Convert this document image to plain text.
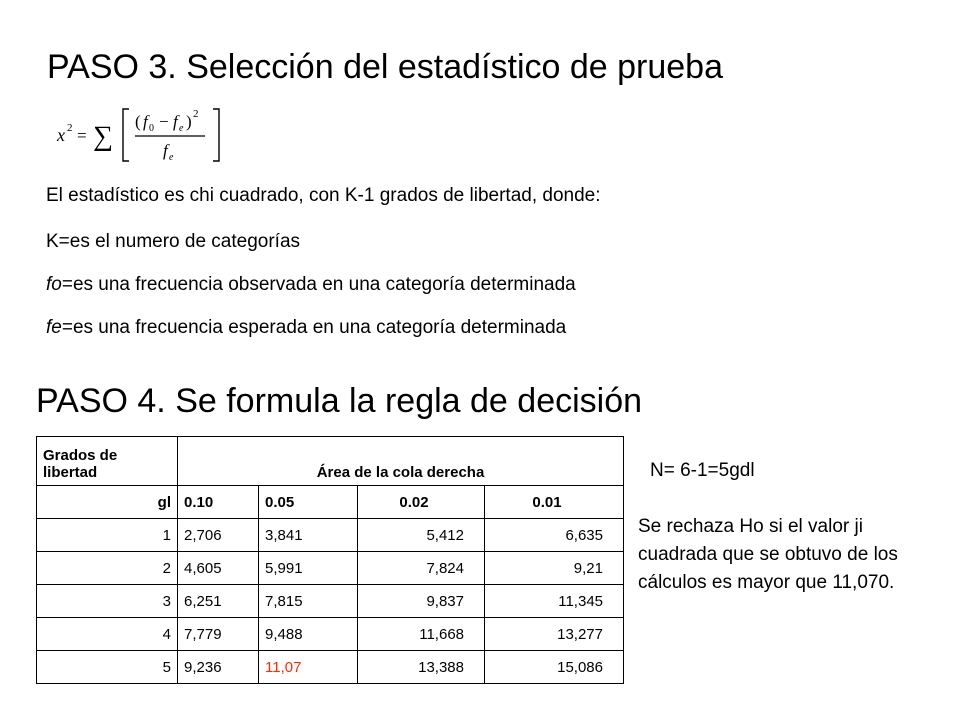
PASO 3. Selección del estadístico de prueba
x 2 = ∑ ( f 0 − f e ) 2
f e
El estadístico es chi cuadrado, con K-1 grados de libertad, donde:
K=es el numero de categorías
fo=es una frecuencia observada en una categoría determinada
fe=es una frecuencia esperada en una categoría determinada
PASO 4. Se formula la regla de decisión
Grados de libertad	Área de la cola derecha			
gl	0.10	0.05	0.02	0.01
1	2,706	3,841	5,412	6,635
2	4,605	5,991	7,824	9,21
3	6,251	7,815	9,837	11,345
4	7,779	9,488	11,668	13,277
5	9,236	11,07	13,388	15,086
N= 6-1=5gdl
Se rechaza Ho si el valor ji cuadrada que se obtuvo de los cálculos es mayor que 11,070.
